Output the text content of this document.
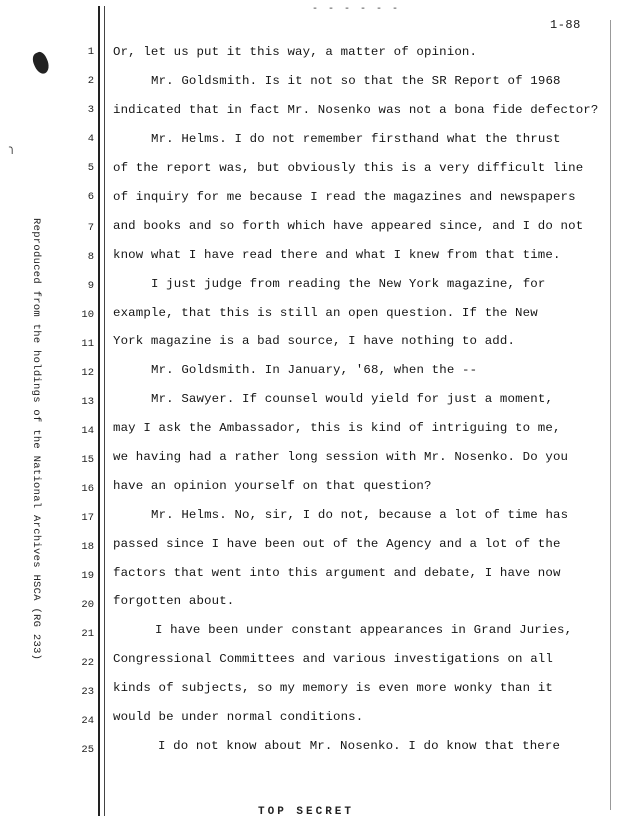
ɿ
- - - - - -
1-88
Reproduced from the holdings of the National Archives HSCA (RG 233)
1 Or, let us put it this way, a matter of opinion.
2	Mr. Goldsmith. Is it not so that the SR Report of 1968
3 indicated that in fact Mr. Nosenko was not a bona fide defector?
4	Mr. Helms. I do not remember firsthand what the thrust
5 of the report was, but obviously this is a very difficult line
6 of inquiry for me because I read the magazines and newspapers
7 and books and so forth which have appeared since, and I do not
8 know what I have read there and what I knew from that time.
9	I just judge from reading the New York magazine, for
10 example, that this is still an open question. If the New
11 York magazine is a bad source, I have nothing to add.
12	Mr. Goldsmith. In January, '68, when the --
13	Mr. Sawyer. If counsel would yield for just a moment,
14 may I ask the Ambassador, this is kind of intriguing to me,
15 we having had a rather long session with Mr. Nosenko. Do you
16 have an opinion yourself on that question?
17	Mr. Helms. No, sir, I do not, because a lot of time has
18 passed since I have been out of the Agency and a lot of the
19 factors that went into this argument and debate, I have now
20 forgotten about.
21	I have been under constant appearances in Grand Juries,
22 Congressional Committees and various investigations on all
23 kinds of subjects, so my memory is even more wonky than it
24 would be under normal conditions.
25	I do not know about Mr. Nosenko. I do know that there
TOP SECRET
